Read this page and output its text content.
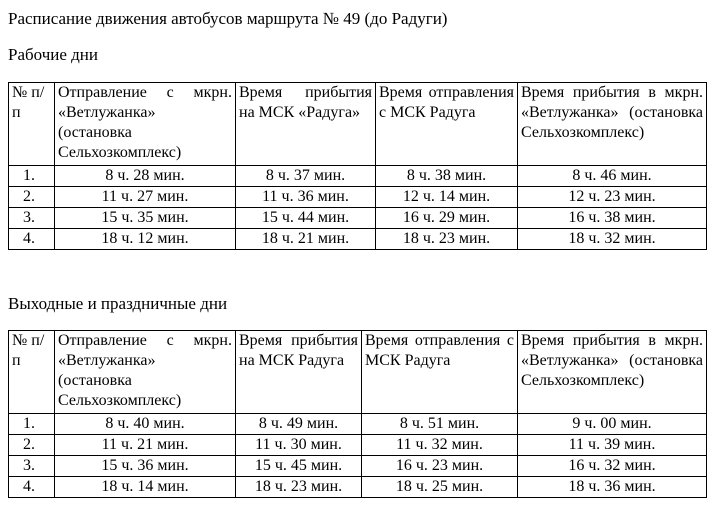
Расписание движения автобусов маршрута № 49 (до Радуги)
Рабочие дни
№ п/п	Отправление с мкрн. «Ветлужанка» (остановка Сельхозкомплекс)	Время прибытия на МСК «Радуга»	Время отправления с МСК Радуга	Время прибытия в мкрн. «Ветлужанка» (остановка Сельхозкомплекс)
1.	8 ч. 28 мин.	8 ч. 37 мин.	8 ч. 38 мин.	8 ч. 46 мин.
2.	11 ч. 27 мин.	11 ч. 36 мин.	12 ч. 14 мин.	12 ч. 23 мин.
3.	15 ч. 35 мин.	15 ч. 44 мин.	16 ч. 29 мин.	16 ч. 38 мин.
4.	18 ч. 12 мин.	18 ч. 21 мин.	18 ч. 23 мин.	18 ч. 32 мин.
Выходные и праздничные дни
№ п/п	Отправление с мкрн. «Ветлужанка» (остановка Сельхозкомплекс)	Время прибытия на МСК Радуга	Время отправления с МСК Радуга	Время прибытия в мкрн. «Ветлужанка» (остановка Сельхозкомплекс)
1.	8 ч. 40 мин.	8 ч. 49 мин.	8 ч. 51 мин.	9 ч. 00 мин.
2.	11 ч. 21 мин.	11 ч. 30 мин.	11 ч. 32 мин.	11 ч. 39 мин.
3.	15 ч. 36 мин.	15 ч. 45 мин.	16 ч. 23 мин.	16 ч. 32 мин.
4.	18 ч. 14 мин.	18 ч. 23 мин.	18 ч. 25 мин.	18 ч. 36 мин.
